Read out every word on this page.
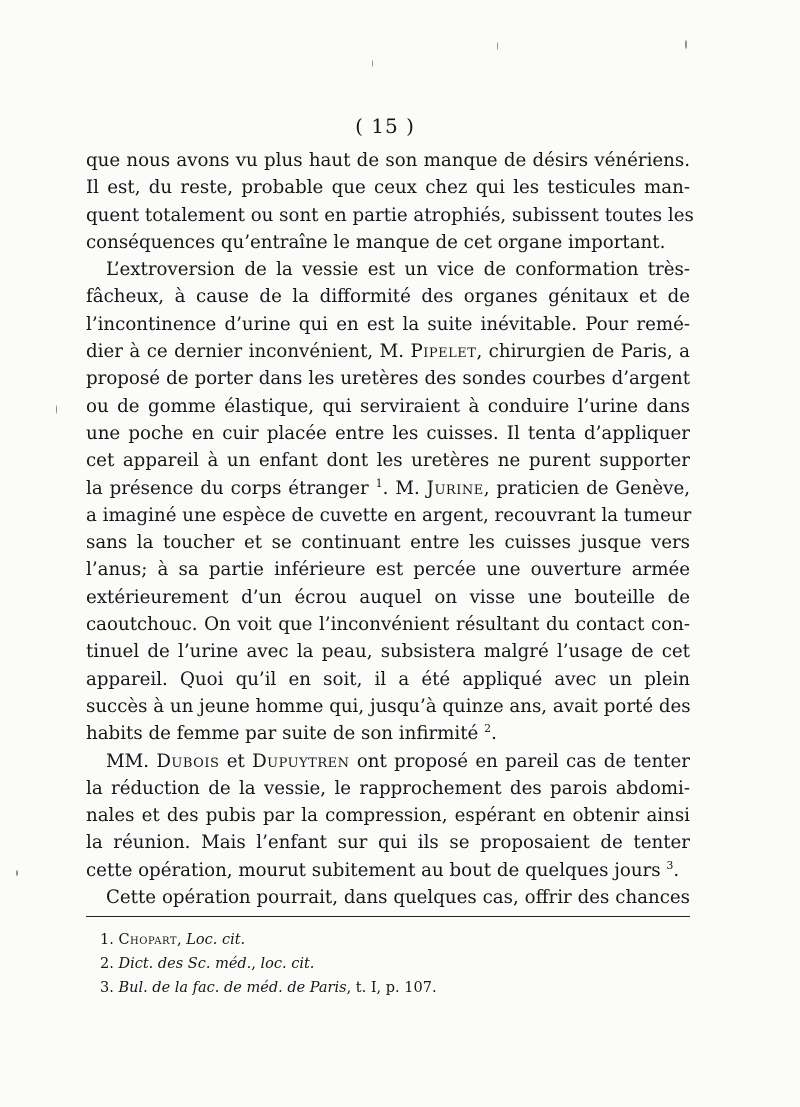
( 15 )
que nous avons vu plus haut de son manque de désirs vénériens.
Il est, du reste, probable que ceux chez qui les testicules man-
quent totalement ou sont en partie atrophiés, subissent toutes les
conséquences qu’entraîne le manque de cet organe important.
L’extroversion de la vessie est un vice de conformation très-
fâcheux, à cause de la difformité des organes génitaux et de
l’incontinence d’urine qui en est la suite inévitable. Pour remé-
dier à ce dernier inconvénient, M. Pipelet, chirurgien de Paris, a
proposé de porter dans les uretères des sondes courbes d’argent
ou de gomme élastique, qui serviraient à conduire l’urine dans
une poche en cuir placée entre les cuisses. Il tenta d’appliquer
cet appareil à un enfant dont les uretères ne purent supporter
la présence du corps étranger $^1$. M. Jurine, praticien de Genève,
a imaginé une espèce de cuvette en argent, recouvrant la tumeur
sans la toucher et se continuant entre les cuisses jusque vers
l’anus; à sa partie inférieure est percée une ouverture armée
extérieurement d’un écrou auquel on visse une bouteille de
caoutchouc. On voit que l’inconvénient résultant du contact con-
tinuel de l’urine avec la peau, subsistera malgré l’usage de cet
appareil. Quoi qu’il en soit, il a été appliqué avec un plein
succès à un jeune homme qui, jusqu’à quinze ans, avait porté des
habits de femme par suite de son infirmité $^2$.
MM. Dubois et Dupuytren ont proposé en pareil cas de tenter
la réduction de la vessie, le rapprochement des parois abdomi-
nales et des pubis par la compression, espérant en obtenir ainsi
la réunion. Mais l’enfant sur qui ils se proposaient de tenter
cette opération, mourut subitement au bout de quelques jours $^3$.
Cette opération pourrait, dans quelques cas, offrir des chances
1. Chopart, Loc. cit.
2. Dict. des Sc. méd., loc. cit.
3. Bul. de la fac. de méd. de Paris, t. I, p. 107.
